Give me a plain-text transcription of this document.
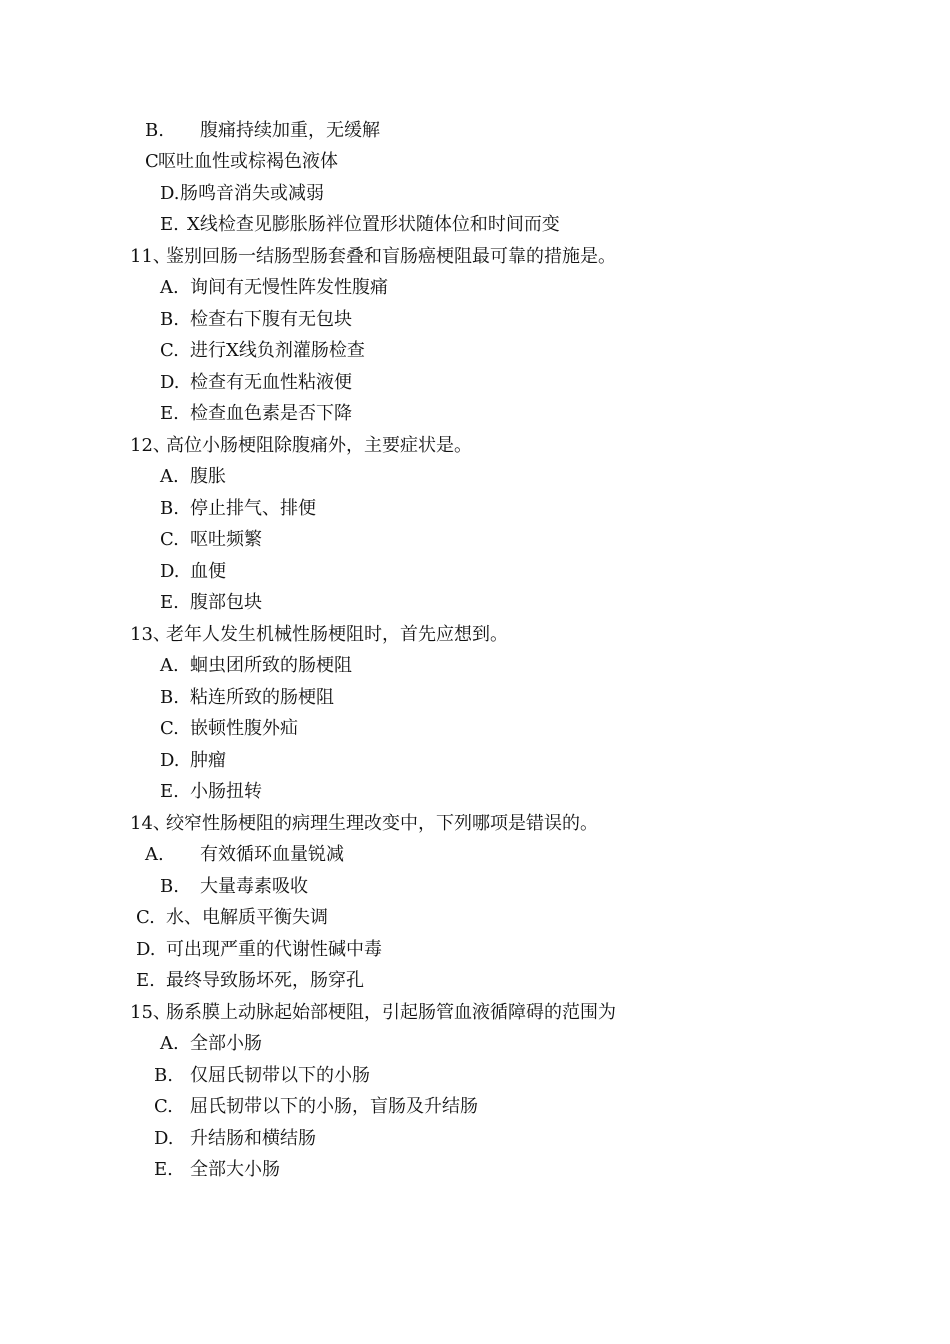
B. 腹痛持续加重，无缓解
C呕吐血性或棕褐色液体
D.肠鸣音消失或减弱
E. X线检查见膨胀肠袢位置形状随体位和时间而变
11、鉴别回肠一结肠型肠套叠和盲肠癌梗阻最可靠的措施是。
A. 询间有无慢性阵发性腹痛
B. 检查右下腹有无包块
C. 进行X线负剂灌肠检查
D. 检查有无血性粘液便
E. 检查血色素是否下降
12、高位小肠梗阻除腹痛外，主要症状是。
A. 腹胀
B. 停止排气、排便
C. 呕吐频繁
D. 血便
E. 腹部包块
13、老年人发生机械性肠梗阻时，首先应想到。
A. 蛔虫团所致的肠梗阻
B. 粘连所致的肠梗阻
C. 嵌顿性腹外疝
D. 肿瘤
E. 小肠扭转
14、绞窄性肠梗阻的病理生理改变中，下列哪项是错误的。
A. 有效循环血量锐减
B. 大量毒素吸收
C. 水、电解质平衡失调
D. 可出现严重的代谢性碱中毒
E. 最终导致肠坏死，肠穿孔
15、肠系膜上动脉起始部梗阻，引起肠管血液循障碍的范围为
A. 全部小肠
B. 仅屈氏韧带以下的小肠
C. 屈氏韧带以下的小肠，盲肠及升结肠
D. 升结肠和横结肠
E. 全部大小肠
